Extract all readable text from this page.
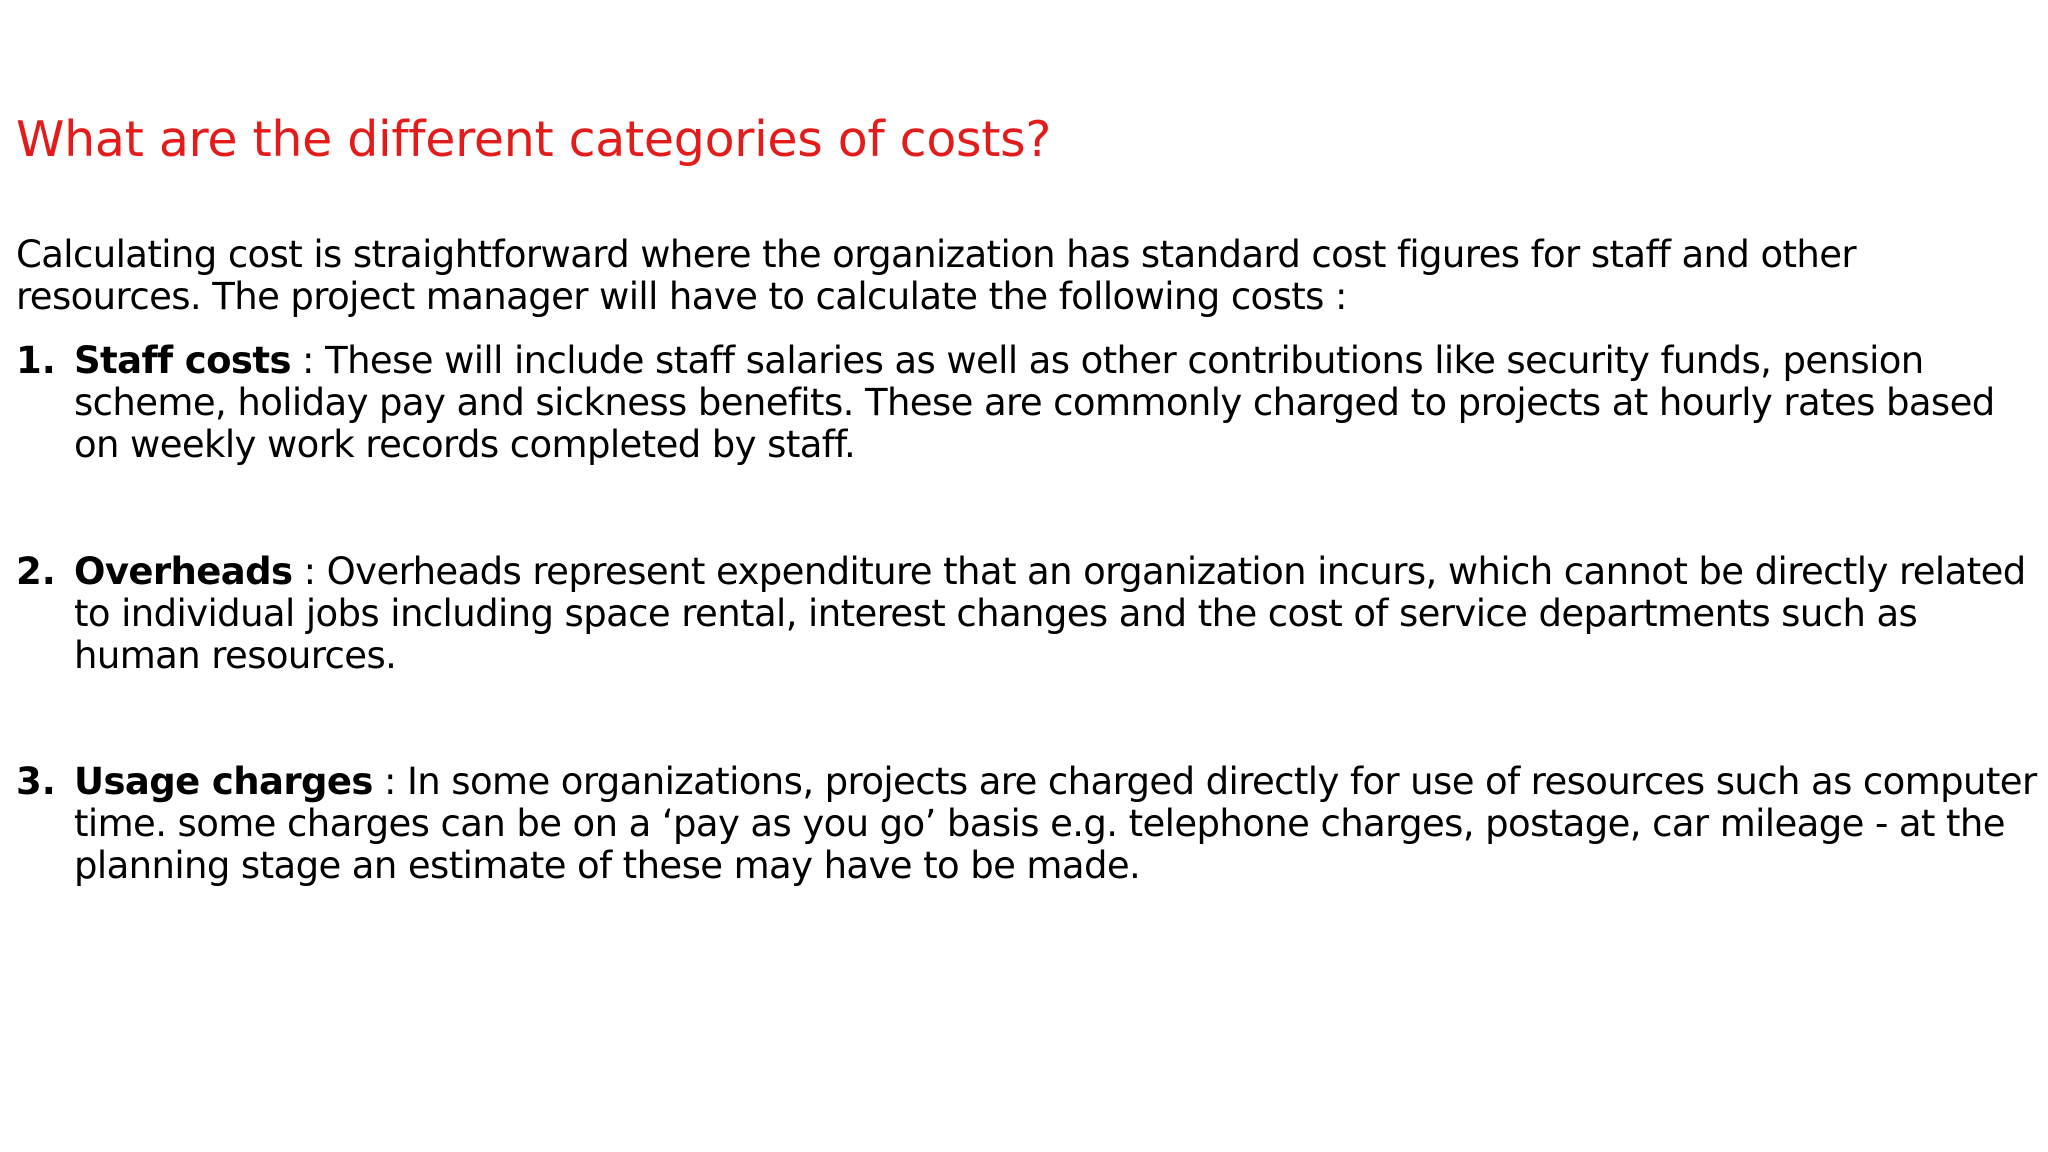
What are the different categories of costs?

Calculating cost is straightforward where the organization has standard cost figures for staff and other resources. The project manager will have to calculate the following costs :

1. Staff costs : These will include staff salaries as well as other contributions like security funds, pension scheme, holiday pay and sickness benefits. These are commonly charged to projects at hourly rates based on weekly work records completed by staff.

2. Overheads : Overheads represent expenditure that an organization incurs, which cannot be directly related to individual jobs including space rental, interest changes and the cost of service departments such as human resources.

3. Usage charges : In some organizations, projects are charged directly for use of resources such as computer time. some charges can be on a ‘pay as you go’ basis e.g. telephone charges, postage, car mileage - at the planning stage an estimate of these may have to be made.
